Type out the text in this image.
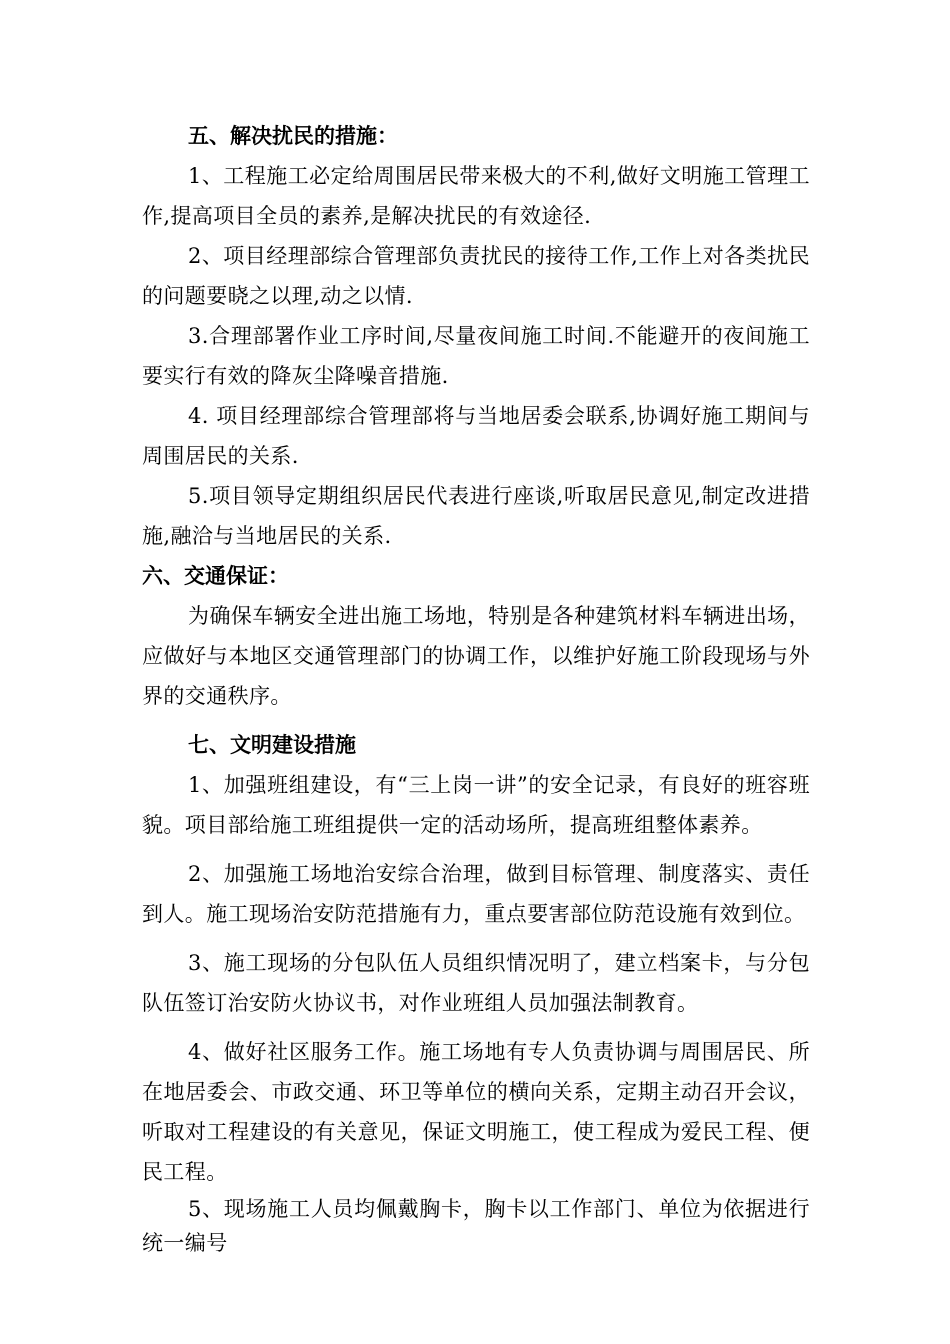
五、解决扰民的措施：
1、工程施工必定给周围居民带来极大的不利,做好文明施工管理工作,提高项目全员的素养,是解决扰民的有效途径.
2、项目经理部综合管理部负责扰民的接待工作,工作上对各类扰民的问题要晓之以理,动之以情.
3.合理部署作业工序时间,尽量夜间施工时间.不能避开的夜间施工要实行有效的降灰尘降噪音措施.
4. 项目经理部综合管理部将与当地居委会联系,协调好施工期间与周围居民的关系.
5.项目领导定期组织居民代表进行座谈,听取居民意见,制定改进措施,融洽与当地居民的关系.
六、交通保证：
为确保车辆安全进出施工场地，特别是各种建筑材料车辆进出场，应做好与本地区交通管理部门的协调工作，以维护好施工阶段现场与外界的交通秩序。
七、文明建设措施
1、加强班组建设，有“三上岗一讲”的安全记录，有良好的班容班貌。项目部给施工班组提供一定的活动场所，提高班组整体素养。
2、加强施工场地治安综合治理，做到目标管理、制度落实、责任到人。施工现场治安防范措施有力，重点要害部位防范设施有效到位。
3、施工现场的分包队伍人员组织情况明了，建立档案卡，与分包队伍签订治安防火协议书，对作业班组人员加强法制教育。
4、做好社区服务工作。施工场地有专人负责协调与周围居民、所在地居委会、市政交通、环卫等单位的横向关系，定期主动召开会议，听取对工程建设的有关意见，保证文明施工，使工程成为爱民工程、便民工程。
5、现场施工人员均佩戴胸卡，胸卡以工作部门、单位为依据进行统一编号
